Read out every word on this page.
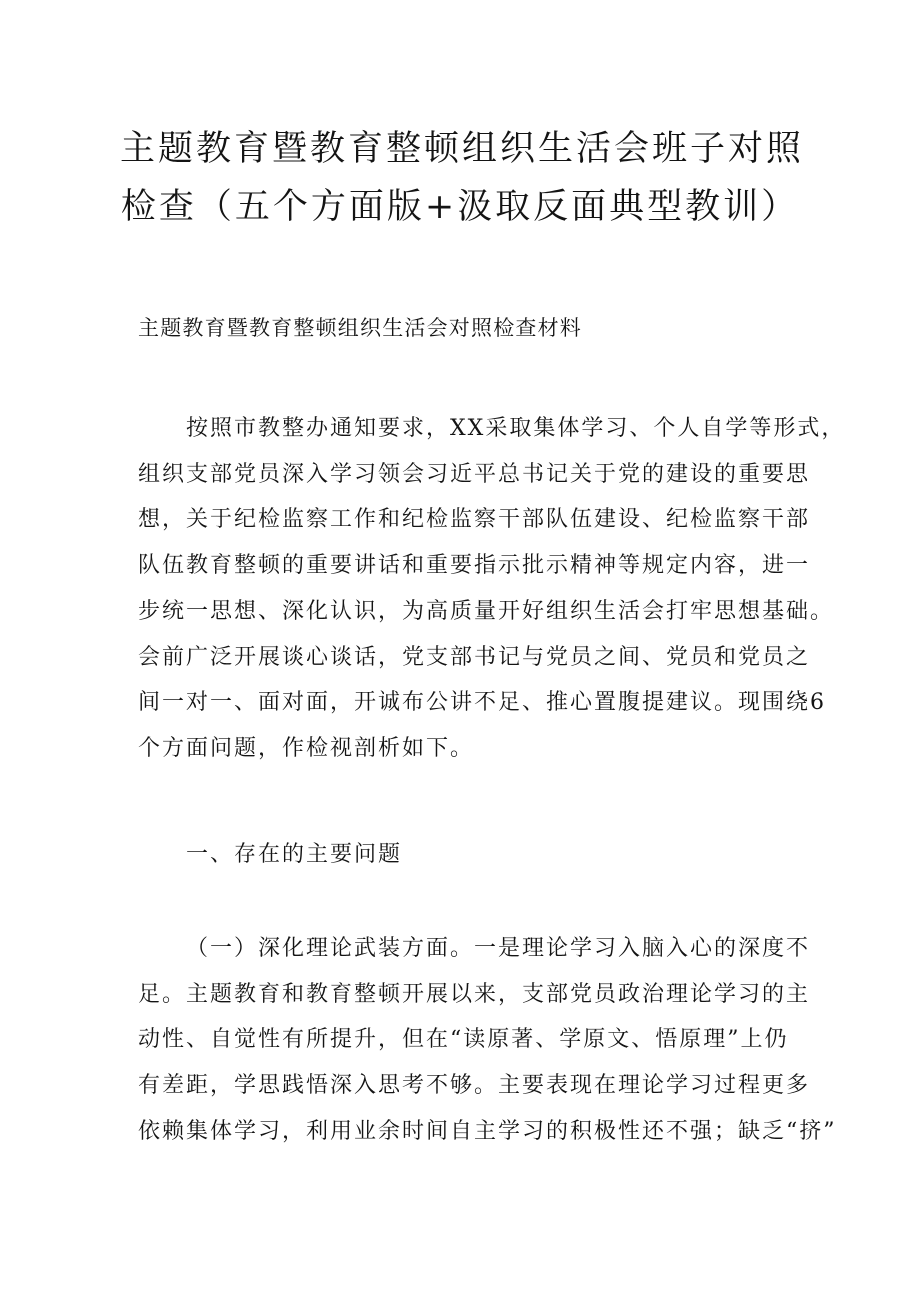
主题教育暨教育整顿组织生活会班子对照
检查（五个方面版+汲取反面典型教训）

主题教育暨教育整顿组织生活会对照检查材料

按照市教整办通知要求，XX采取集体学习、个人自学等形式，
组织支部党员深入学习领会习近平总书记关于党的建设的重要思
想，关于纪检监察工作和纪检监察干部队伍建设、纪检监察干部
队伍教育整顿的重要讲话和重要指示批示精神等规定内容，进一
步统一思想、深化认识，为高质量开好组织生活会打牢思想基础。
会前广泛开展谈心谈话，党支部书记与党员之间、党员和党员之
间一对一、面对面，开诚布公讲不足、推心置腹提建议。现围绕6
个方面问题，作检视剖析如下。

一、存在的主要问题

（一）深化理论武装方面。一是理论学习入脑入心的深度不
足。主题教育和教育整顿开展以来，支部党员政治理论学习的主
动性、自觉性有所提升，但在“读原著、学原文、悟原理”上仍
有差距，学思践悟深入思考不够。主要表现在理论学习过程更多
依赖集体学习，利用业余时间自主学习的积极性还不强；缺乏“挤”
